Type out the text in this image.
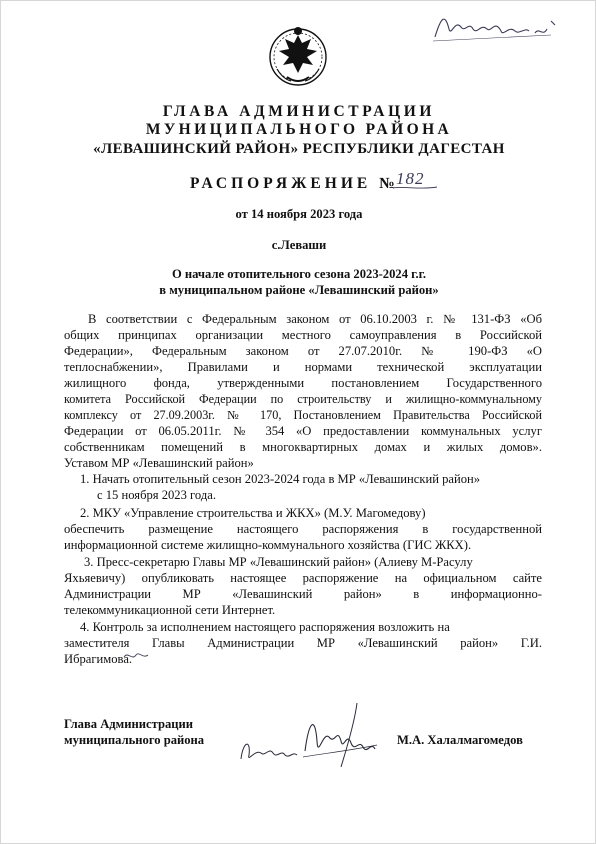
ГЛАВА АДМИНИСТРАЦИИ
МУНИЦИПАЛЬНОГО РАЙОНА
«ЛЕВАШИНСКИЙ РАЙОН» РЕСПУБЛИКИ ДАГЕСТАН
РАСПОРЯЖЕНИЕ №
182
от 14 ноября 2023 года
с.Леваши
О начале отопительного сезона 2023-2024 г.г.
в муниципальном районе «Левашинский район»
В соответствии с Федеральным законом от 06.10.2003 г. № 131-ФЗ «Об
общих принципах организации местного самоуправления в Российской
Федерации», Федеральным законом от 27.07.2010г. № 190-ФЗ «О
теплоснабжении», Правилами и нормами технической эксплуатации
жилищного фонда, утвержденными постановлением Государственного
комитета Российской Федерации по строительству и жилищно-коммунальному
комплексу от 27.09.2003г. № 170, Постановлением Правительства Российской
Федерации от 06.05.2011г. № 354 «О предоставлении коммунальных услуг
собственникам помещений в многоквартирных домах и жилых домов».
Уставом МР «Левашинский район»
1. Начать отопительный сезон 2023-2024 года в МР «Левашинский район»
с 15 ноября 2023 года.
2. МКУ «Управление строительства и ЖКХ» (М.У. Магомедову)
обеспечить размещение настоящего распоряжения в государственной
информационной системе жилищно-коммунального хозяйства (ГИС ЖКХ).
3. Пресс-секретарю Главы МР «Левашинский район» (Алиеву М-Расулу
Яхьяевичу) опубликовать настоящее распоряжение на официальном сайте
Администрации МР «Левашинский район» в информационно-
телекоммуникационной сети Интернет.
4. Контроль за исполнением настоящего распоряжения возложить на
заместителя Главы Администрации МР «Левашинский район» Г.И.
Ибрагимова.
Глава Администрации
муниципального района	М.А. Халалмагомедов
